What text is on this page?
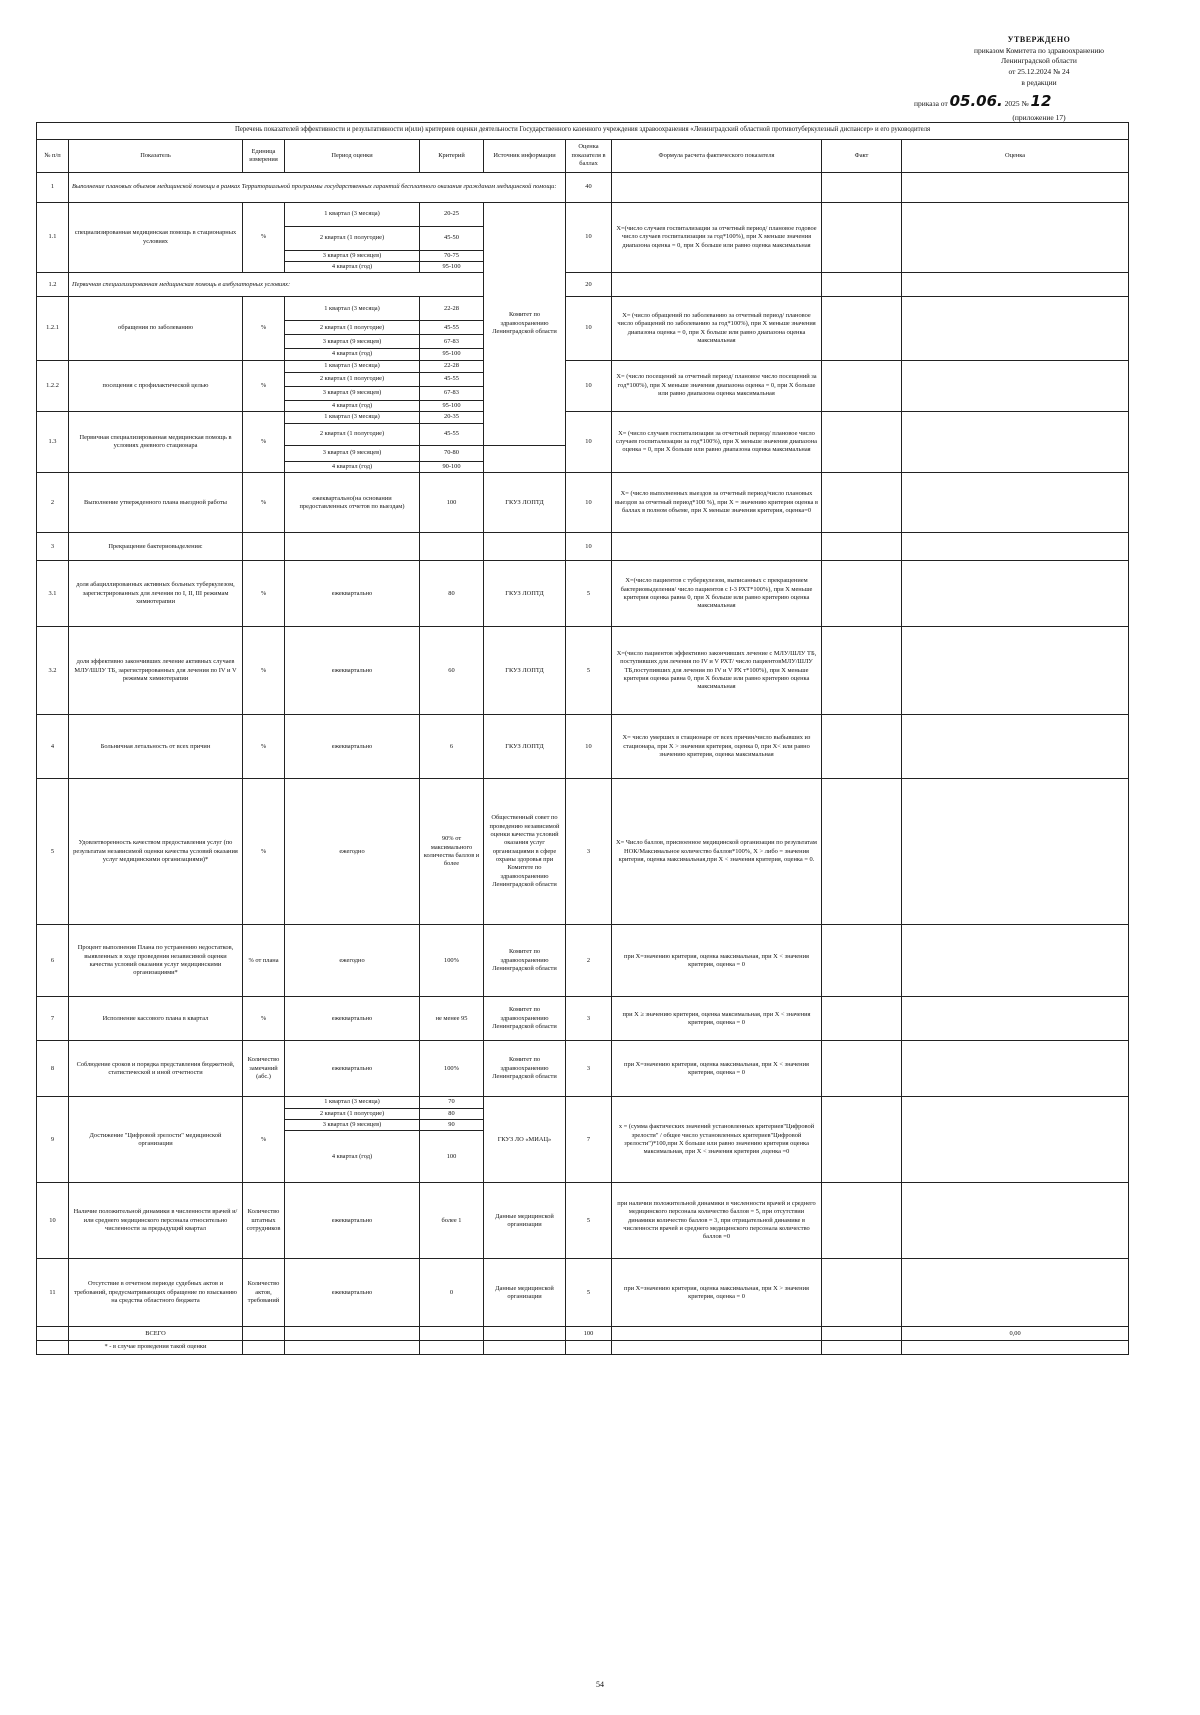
УТВЕРЖДЕНО
приказом Комитета по здравоохранению
Ленинградской области
от 25.12.2024 № 24
в редакции
приказа от 05.06. 2025 № 12
(приложение 17)
Перечень показателей эффективности и результативности и(или) критериев оценки деятельности Государственного казенного учреждения здравоохранения «Ленинградский областной противотуберкулезный диспансер» и его руководителя									
№ п/п	Показатель	Единица измерения	Период оценки	Критерий	Источник информации	Оценка показателя в баллах	Формула расчета фактического показателя	Факт	Оценка
1	Выполнение плановых объемов медицинской помощи в рамках Территориальной программы государственных гарантий бесплатного оказания гражданам медицинской помощи:					40			
1.1	специализированная медицинская помощь в стационарных условиях	%	1 квартал (3 месяца)	20-25	Комитет по здравоохранению Ленинградской области	10	X=(число случаев госпитализации за отчетный период/ плановое годовое число случаев госпитализации за год*100%), при X меньше значения диапазона оценка = 0, при X больше или равно оценка максимальная		
			2 квартал (1 полугодие)	45-50					
			3 квартал (9 месяцев)	70-75					
			4 квартал (год)	95-100					
1.2	Первичная специализированная медицинская помощь в амбулаторных условиях:					20			
1.2.1	обращения по заболеванию	%	1 квартал (3 месяца)	22-28		10	X= (число обращений по заболеванию за отчетный период/ плановое число обращений по заболеванию за год*100%), при X меньше значения диапазона оценка = 0, при X больше или равно диапазона оценка максимальная		
			2 квартал (1 полугодие)	45-55					
			3 квартал (9 месяцев)	67-83					
			4 квартал (год)	95-100					
1.2.2	посещения с профилактической целью	%	1 квартал (3 месяца)	22-28		10	X= (число посещений за отчетный период/ плановое число посещений за год*100%), при X меньше значения диапазона оценка = 0, при X больше или равно диапазона оценка максимальная		
			2 квартал (1 полугодие)	45-55					
			3 квартал (9 месяцев)	67-83					
			4 квартал (год)	95-100					
1.3	Первичная специализированная медицинская помощь в условиях дневного стационара	%	1 квартал (3 месяца)	20-35		10	X= (число случаев госпитализации за отчетный период/ плановое число случаев госпитализации за год*100%), при X меньше значения диапазона оценка = 0, при X больше или равно диапазона оценка максимальная		
			2 квартал (1 полугодие)	45-55					
			3 квартал (9 месяцев)	70-80					
			4 квартал (год)	90-100					
2	Выполнение утвержденного плана выездной работы	%	ежеквартально(на основании предоставленных отчетов по выездам)	100	ГКУЗ ЛОПТД	10	X= (число выполненных выездов за отчетный период/число плановых выездов за отчетный период*100 %), при X = значению критерия оценка в баллах в полном объеме, при X меньше значения критерия, оценка=0		
3	Прекращение бактериовыделения:					10			
3.1	доля абациллированных активных больных туберкулезом, зарегистрированных для лечения по I, II, III режимам химиотерапии	%	ежеквартально	80	ГКУЗ ЛОПТД	5	X=(число пациентов с туберкулезом, выписанных с прекращением бактериовыделения/ число пациентов с I-3 РХТ*100%), при X меньше критерия оценка равна 0, при X больше или равно критерию оценка максимальная		
3.2	доля эффективно закончивших лечение активных случаев МЛУ/ШЛУ ТБ, зарегистрированных для лечения по IV и V режимам химиотерапии	%	ежеквартально	60	ГКУЗ ЛОПТД	5	X=(число пациентов эффективно закончивших лечение с МЛУ/ШЛУ ТБ, поступивших для лечения по IV и V РХТ/ число пациентовМЛУ/ШЛУ ТБ,поступивших для лечения по IV и V РХ т*100%), при X меньше критерия оценка равна 0, при X больше или равно критерию оценка максимальная		
4	Больничная летальность от всех причин	%	ежеквартально	6	ГКУЗ ЛОПТД	10	X= число умерших в стационаре от всех причин/число выбывших из стационара, при X > значения критерия, оценка 0, при X< или равно значению критерия, оценка максимальная		
5	Удовлетворенность качеством предоставления услуг (по результатам независимой оценки качества условий оказания услуг медицинскими организациями)*	%	ежегодно	90% от максимального количества баллов и более	Общественный совет по проведению независимой оценки качества условий оказания услуг организациями в сфере охраны здоровья при Комитете по здравоохранению Ленинградской области	3	X= Число баллов, присвоенное медицинской организации по результатам НОК/Максимальное количество баллов*100%, X > либо = значения критерия, оценка максимальная,при X < значения критерия, оценка = 0.		
6	Процент выполнения Плана по устранению недостатков, выявленных в ходе проведения независимой оценки качества условий оказания услуг медицинскими организациями*	% от плана	ежегодно	100%	Комитет по здравоохранению Ленинградской области	2	при X=значению критерия, оценка максимальная, при X < значения критерия, оценка = 0		
7	Исполнение кассового плана в квартал	%	ежеквартально	не менее 95	Комитет по здравоохранению Ленинградской области	3	при X ≥ значению критерия, оценка максимальная, при X < значения критерия, оценка = 0		
8	Соблюдение сроков и порядка представления бюджетной, статистической и иной отчетности	Количество замечаний (абс.)	ежеквартально	100%	Комитет по здравоохранению Ленинградской области	3	при X=значению критерия, оценка максимальная, при X < значения критерия, оценка = 0		
9	Достижение "Цифровой зрелости" медицинской организации	%	1 квартал (3 месяца)	70	ГКУЗ ЛО «МИАЦ»	7	x = (сумма фактических значений установленных критериев"Цифровой зрелости" / общее число установленных критериев"Цифровой зрелости")*100,при X больше или равно значению критерия оценка максимальная, при X < значения критерия ,оценка =0		
			2 квартал (1 полугодие)	80					
			3 квартал (9 месяцев)	90					
			4 квартал (год)	100					
10	Наличие положительной динамики в численности врачей и/или среднего медицинского персонала относительно численности за предыдущий квартал	Количество штатных сотрудников	ежеквартально	более 1	Данные медицинской организации	5	при наличии положительной динамики в численности врачей и среднего медицинского персонала количество баллов = 5, при отсутствии динамики количество баллов = 3, при отрицательной динамике в численности врачей и среднего медицинского персонала количество баллов =0		
11	Отсутствие в отчетном периоде судебных актов и требований, предусматривающих обращение по взысканию на средства областного бюджета	Количество актов, требований	ежеквартально	0	Данные медицинской организации	5	при X=значению критерия, оценка максимальная, при X > значения критерия, оценка = 0		
	ВСЕГО					100			0,00
	* - в случае проведения такой оценки								
54
